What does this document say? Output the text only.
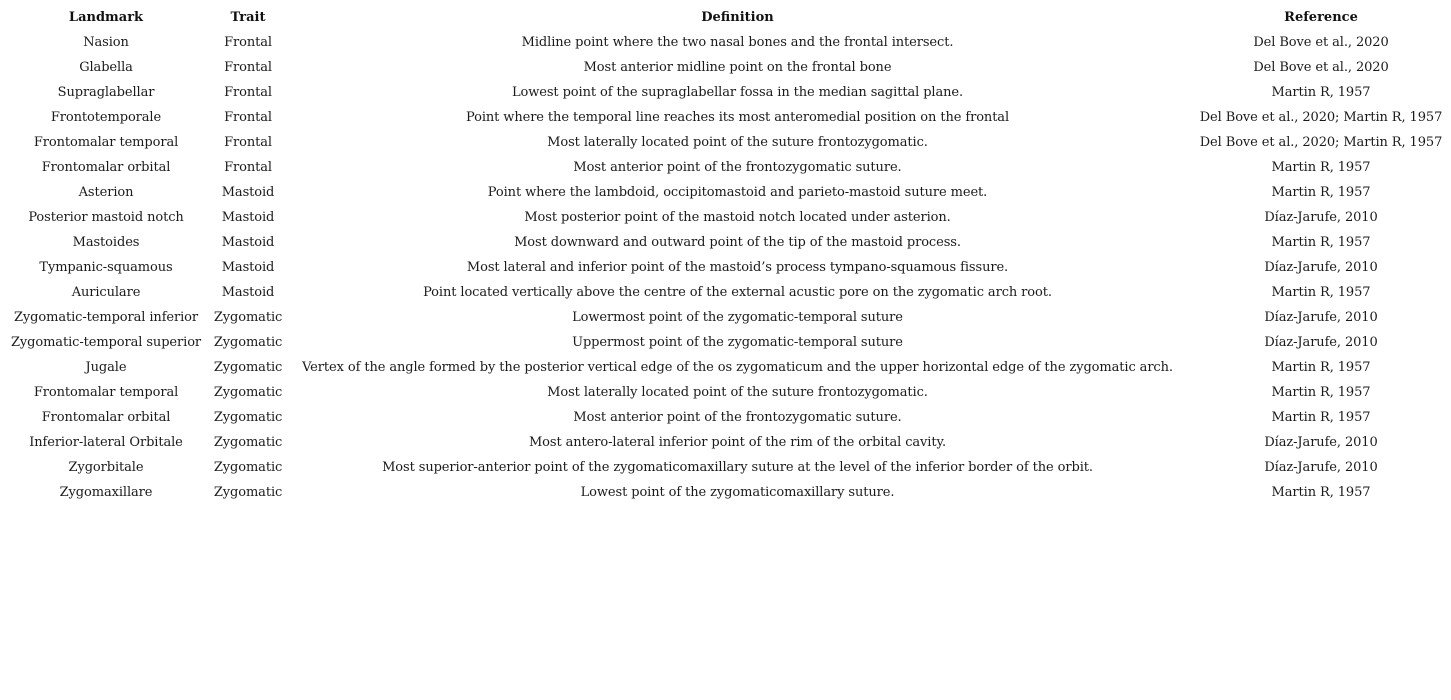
Landmark	Trait	Definition	Reference
Nasion	Frontal	Midline point where the two nasal bones and the frontal intersect.	Del Bove et al., 2020
Glabella	Frontal	Most anterior midline point on the frontal bone	Del Bove et al., 2020
Supraglabellar	Frontal	Lowest point of the supraglabellar fossa in the median sagittal plane.	Martin R, 1957
Frontotemporale	Frontal	Point where the temporal line reaches its most anteromedial position on the frontal	Del Bove et al., 2020; Martin R, 1957
Frontomalar temporal	Frontal	Most laterally located point of the suture frontozygomatic.	Del Bove et al., 2020; Martin R, 1957
Frontomalar orbital	Frontal	Most anterior point of the frontozygomatic suture.	Martin R, 1957
Asterion	Mastoid	Point where the lambdoid, occipitomastoid and parieto-mastoid suture meet.	Martin R, 1957
Posterior mastoid notch	Mastoid	Most posterior point of the mastoid notch located under asterion.	Díaz-Jarufe, 2010
Mastoides	Mastoid	Most downward and outward point of the tip of the mastoid process.	Martin R, 1957
Tympanic-squamous	Mastoid	Most lateral and inferior point of the mastoid’s process tympano-squamous fissure.	Díaz-Jarufe, 2010
Auriculare	Mastoid	Point located vertically above the centre of the external acustic pore on the zygomatic arch root.	Martin R, 1957
Zygomatic-temporal inferior	Zygomatic	Lowermost point of the zygomatic-temporal suture	Díaz-Jarufe, 2010
Zygomatic-temporal superior	Zygomatic	Uppermost point of the zygomatic-temporal suture	Díaz-Jarufe, 2010
Jugale	Zygomatic	Vertex of the angle formed by the posterior vertical edge of the os zygomaticum and the upper horizontal edge of the zygomatic arch.	Martin R, 1957
Frontomalar temporal	Zygomatic	Most laterally located point of the suture frontozygomatic.	Martin R, 1957
Frontomalar orbital	Zygomatic	Most anterior point of the frontozygomatic suture.	Martin R, 1957
Inferior-lateral Orbitale	Zygomatic	Most antero-lateral inferior point of the rim of the orbital cavity.	Díaz-Jarufe, 2010
Zygorbitale	Zygomatic	Most superior-anterior point of the zygomaticomaxillary suture at the level of the inferior border of the orbit.	Díaz-Jarufe, 2010
Zygomaxillare	Zygomatic	Lowest point of the zygomaticomaxillary suture.	Martin R, 1957
